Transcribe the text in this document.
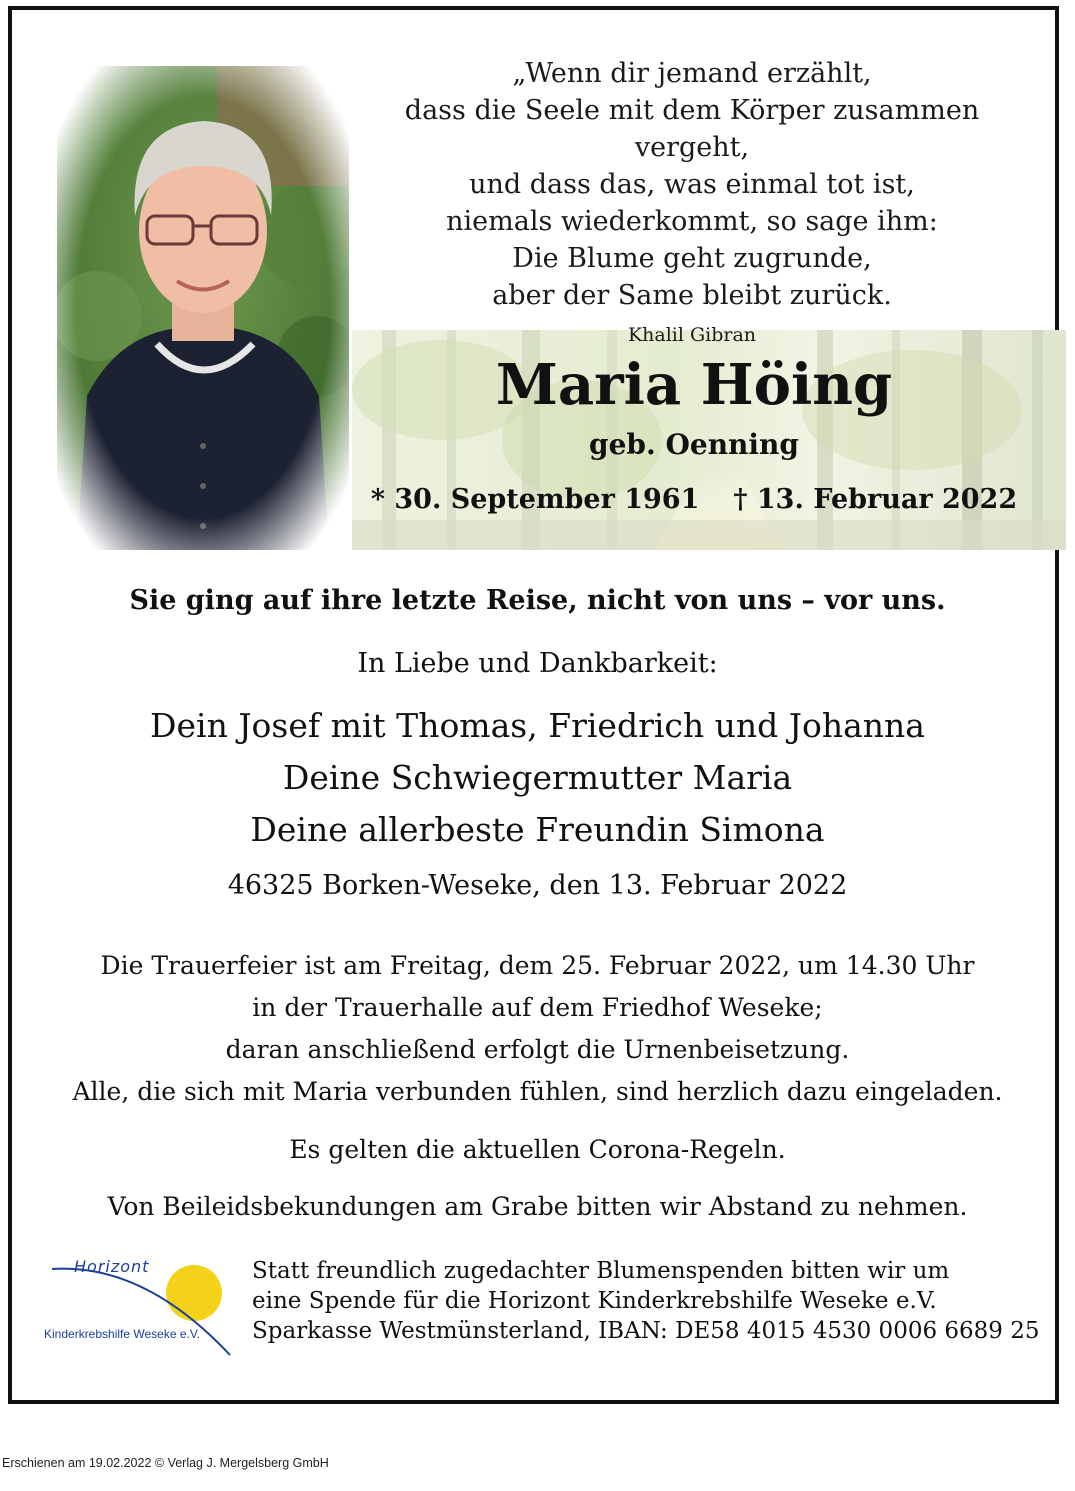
„Wenn dir jemand erzählt,
dass die Seele mit dem Körper zusammen vergeht,
und dass das, was einmal tot ist,
niemals wiederkommt, so sage ihm:
Die Blume geht zugrunde,
aber der Same bleibt zurück.
Khalil Gibran
Maria Höing
geb. Oenning
* 30. September 1961 † 13. Februar 2022
Sie ging auf ihre letzte Reise, nicht von uns – vor uns.
In Liebe und Dankbarkeit:
Dein Josef mit Thomas, Friedrich und Johanna
Deine Schwiegermutter Maria
Deine allerbeste Freundin Simona
46325 Borken-Weseke, den 13. Februar 2022
Die Trauerfeier ist am Freitag, dem 25. Februar 2022, um 14.30 Uhr
in der Trauerhalle auf dem Friedhof Weseke;
daran anschließend erfolgt die Urnenbeisetzung.
Alle, die sich mit Maria verbunden fühlen, sind herzlich dazu eingeladen.
Es gelten die aktuellen Corona-Regeln.
Von Beileidsbekundungen am Grabe bitten wir Abstand zu nehmen.
Horizont
Kinderkrebshilfe Weseke e.V.
Statt freundlich zugedachter Blumenspenden bitten wir um
eine Spende für die Horizont Kinderkrebshilfe Weseke e.V.
Sparkasse Westmünsterland, IBAN: DE58 4015 4530 0006 6689 25
Erschienen am 19.02.2022 © Verlag J. Mergelsberg GmbH
